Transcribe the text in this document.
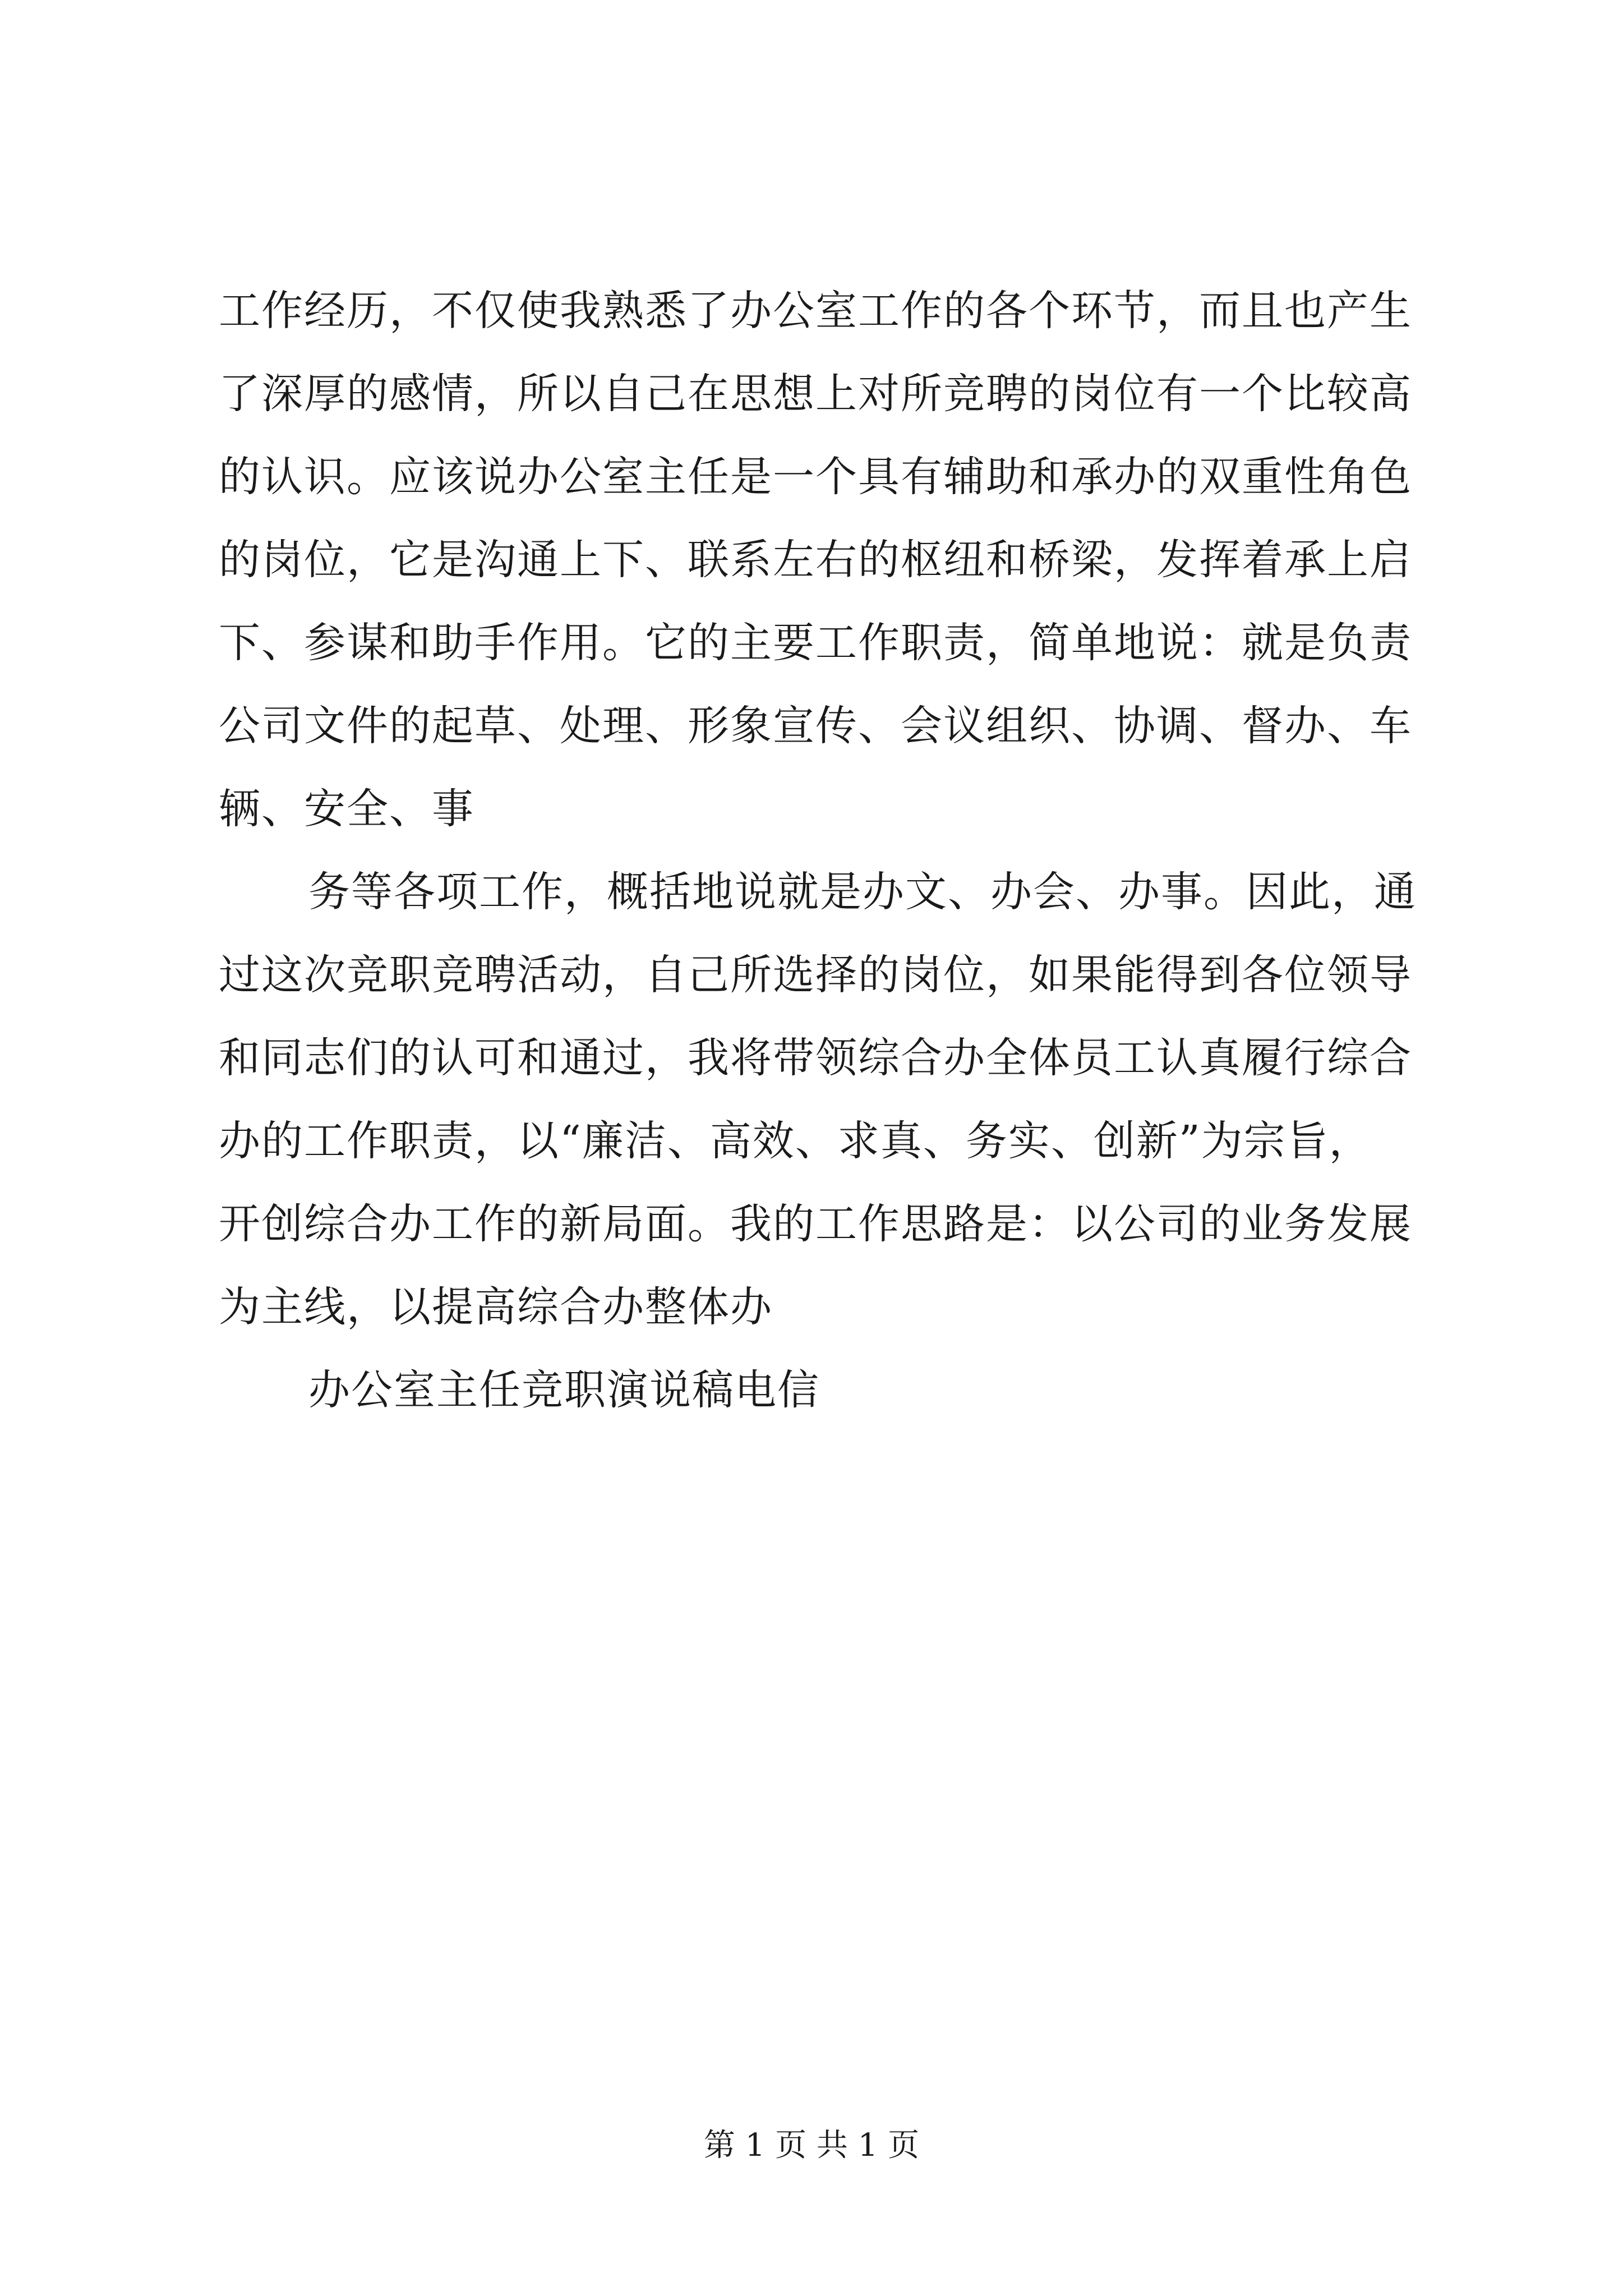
工作经历，不仅使我熟悉了办公室工作的各个环节，而且也产生
了深厚的感情，所以自己在思想上对所竞聘的岗位有一个比较高
的认识。应该说办公室主任是一个具有辅助和承办的双重性角色
的岗位，它是沟通上下、联系左右的枢纽和桥梁，发挥着承上启
下、参谋和助手作用。它的主要工作职责，简单地说：就是负责
公司文件的起草、处理、形象宣传、会议组织、协调、督办、车
辆、安全、事
务等各项工作，概括地说就是办文、办会、办事。因此，通
过这次竞职竞聘活动，自己所选择的岗位，如果能得到各位领导
和同志们的认可和通过，我将带领综合办全体员工认真履行综合
办的工作职责，以“廉洁、高效、求真、务实、创新”为宗旨，
开创综合办工作的新局面。我的工作思路是：以公司的业务发展
为主线，以提高综合办整体办
办公室主任竞职演说稿电信
第 1 页 共 1 页
